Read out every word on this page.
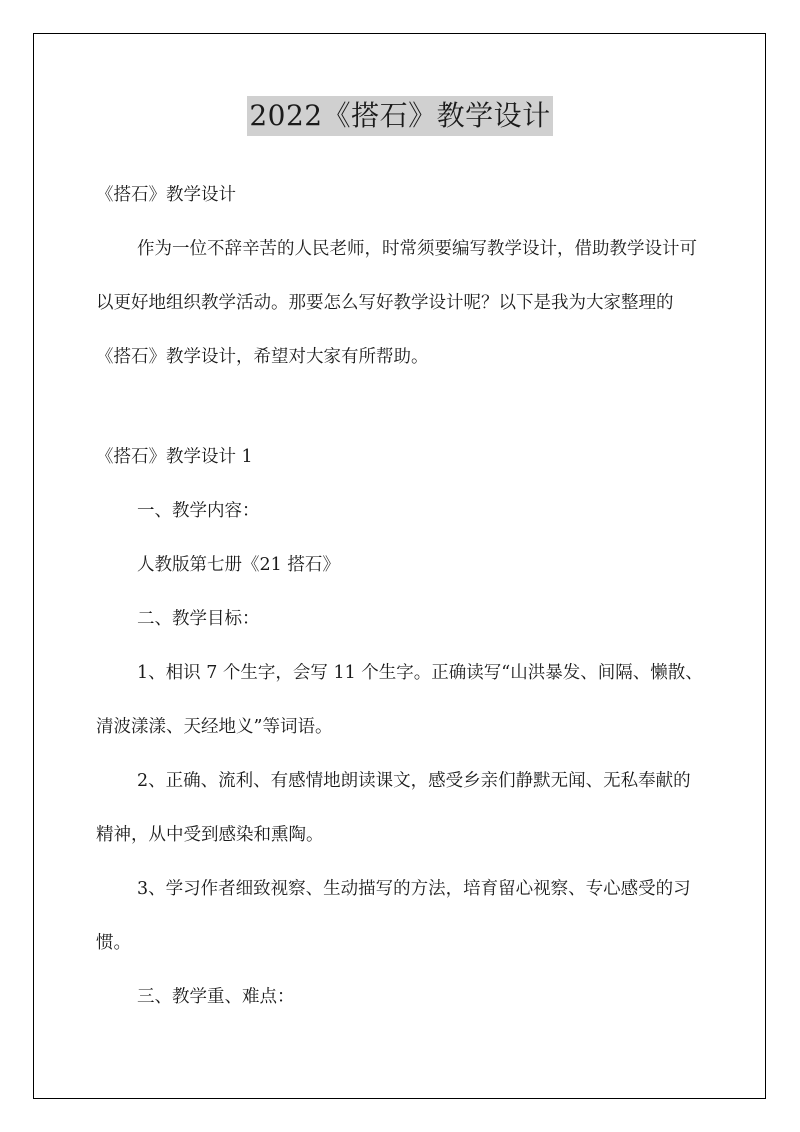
2022《搭石》教学设计

《搭石》教学设计

作为一位不辞辛苦的人民老师，时常须要编写教学设计，借助教学设计可以更好地组织教学活动。那要怎么写好教学设计呢？以下是我为大家整理的《搭石》教学设计，希望对大家有所帮助。

《搭石》教学设计 1

一、教学内容：

人教版第七册《21 搭石》

二、教学目标：

1、相识 7 个生字，会写 11 个生字。正确读写“山洪暴发、间隔、懒散、清波漾漾、天经地义”等词语。

2、正确、流利、有感情地朗读课文，感受乡亲们静默无闻、无私奉献的精神，从中受到感染和熏陶。

3、学习作者细致视察、生动描写的方法，培育留心视察、专心感受的习惯。

三、教学重、难点：
